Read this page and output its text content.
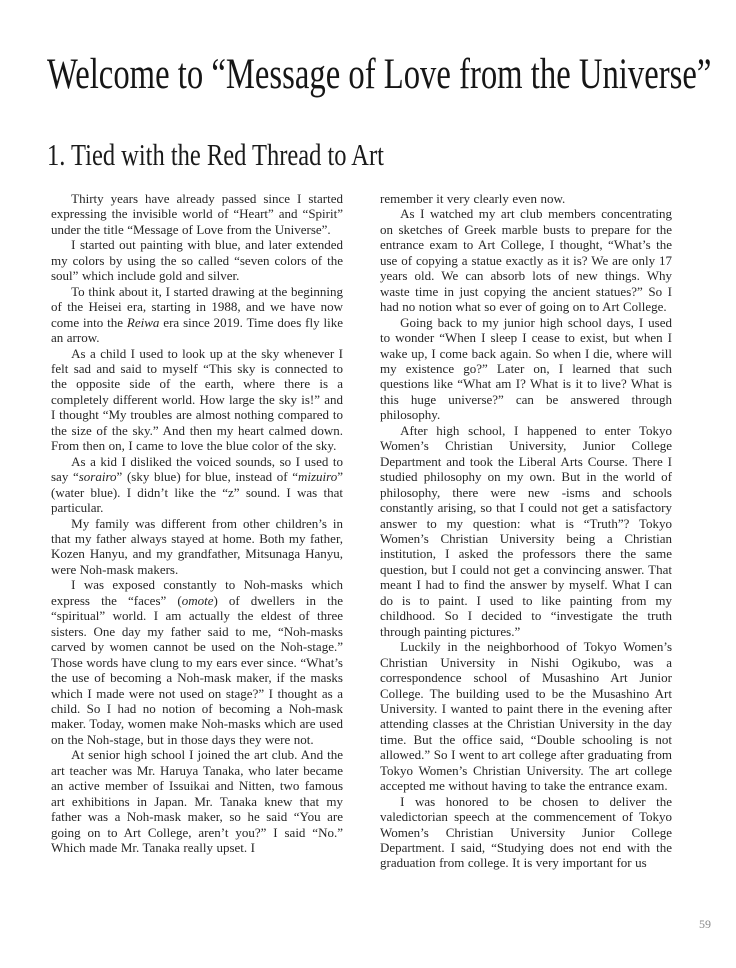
Welcome to “Message of Love from the Universe”
1. Tied with the Red Thread to Art

Thirty years have already passed since I started expressing the invisible world of “Heart” and “Spirit” under the title “Message of Love from the Universe”.

I started out painting with blue, and later extended my colors by using the so called “seven colors of the soul” which include gold and silver.

To think about it, I started drawing at the beginning of the Heisei era, starting in 1988, and we have now come into the Reiwa era since 2019. Time does fly like an arrow.

As a child I used to look up at the sky whenever I felt sad and said to myself “This sky is connected to the opposite side of the earth, where there is a completely different world. How large the sky is!” and I thought “My troubles are almost nothing compared to the size of the sky.” And then my heart calmed down. From then on, I came to love the blue color of the sky.

As a kid I disliked the voiced sounds, so I used to say “sorairo” (sky blue) for blue, instead of “mizuiro” (water blue). I didn’t like the “z” sound. I was that particular.

My family was different from other children’s in that my father always stayed at home. Both my father, Kozen Hanyu, and my grandfather, Mitsunaga Hanyu, were Noh-mask makers.

I was exposed constantly to Noh-masks which express the “faces” (omote) of dwellers in the “spiritual” world. I am actually the eldest of three sisters. One day my father said to me, “Noh-masks carved by women cannot be used on the Noh-stage.” Those words have clung to my ears ever since. “What’s the use of becoming a Noh-mask maker, if the masks which I made were not used on stage?” I thought as a child. So I had no notion of becoming a Noh-mask maker. Today, women make Noh-masks which are used on the Noh-stage, but in those days they were not.

At senior high school I joined the art club. And the art teacher was Mr. Haruya Tanaka, who later became an active member of Issuikai and Nitten, two famous art exhibitions in Japan. Mr. Tanaka knew that my father was a Noh-mask maker, so he said “You are going on to Art College, aren’t you?” I said “No.” Which made Mr. Tanaka really upset. I

remember it very clearly even now.

As I watched my art club members concentrating on sketches of Greek marble busts to prepare for the entrance exam to Art College, I thought, “What’s the use of copying a statue exactly as it is? We are only 17 years old. We can absorb lots of new things. Why waste time in just copying the ancient statues?” So I had no notion what so ever of going on to Art College.

Going back to my junior high school days, I used to wonder “When I sleep I cease to exist, but when I wake up, I come back again. So when I die, where will my existence go?” Later on, I learned that such questions like “What am I? What is it to live? What is this huge universe?” can be answered through philosophy.

After high school, I happened to enter Tokyo Women’s Christian University, Junior College Department and took the Liberal Arts Course. There I studied philosophy on my own. But in the world of philosophy, there were new -isms and schools constantly arising, so that I could not get a satisfactory answer to my question: what is “Truth”? Tokyo Women’s Christian University being a Christian institution, I asked the professors there the same question, but I could not get a convincing answer. That meant I had to find the answer by myself. What I can do is to paint. I used to like painting from my childhood. So I decided to “investigate the truth through painting pictures.”

Luckily in the neighborhood of Tokyo Women’s Christian University in Nishi Ogikubo, was a correspondence school of Musashino Art Junior College. The building used to be the Musashino Art University. I wanted to paint there in the evening after attending classes at the Christian University in the day time. But the office said, “Double schooling is not allowed.” So I went to art college after graduating from Tokyo Women’s Christian University. The art college accepted me without having to take the entrance exam.

I was honored to be chosen to deliver the valedictorian speech at the commencement of Tokyo Women’s Christian University Junior College Department. I said, “Studying does not end with the graduation from college. It is very important for us

59
